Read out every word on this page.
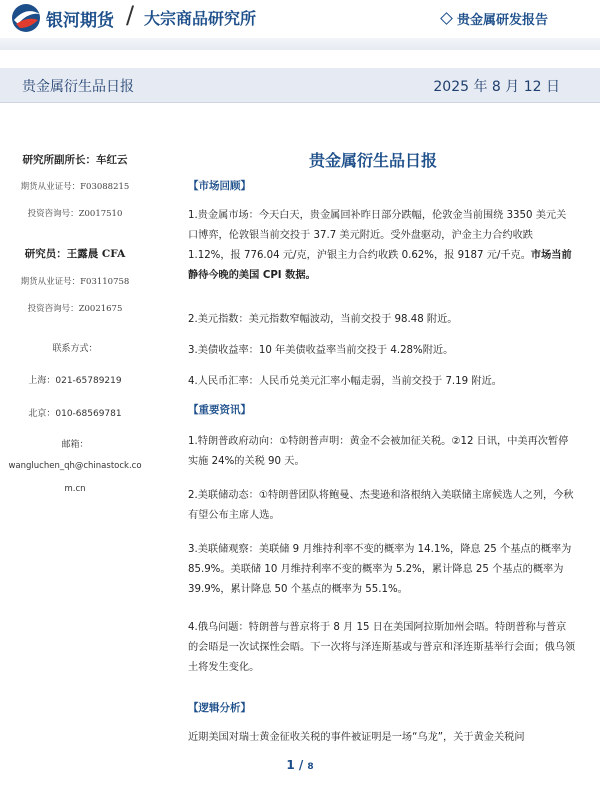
银河期货 / 大宗商品研究所	贵金属研发报告
贵金属衍生品日报	2025 年 8 月 12 日
研究所副所长：车红云
期货从业证号：F03088215
投资咨询号：Z0017510
研究员：王露晨 CFA
期货从业证号：F03110758
投资咨询号：Z0021675
联系方式：
上海：021-65789219
北京：010-68569781
邮箱：
wangluchen_qh@chinastock.co
m.cn
贵金属衍生品日报
【市场回顾】
1.贵金属市场：今天白天，贵金属回补昨日部分跌幅，伦敦金当前围绕 3350 美元关口博弈，伦敦银当前交投于 37.7 美元附近。受外盘驱动，沪金主力合约收跌 1.12%，报 776.04 元/克，沪银主力合约收跌 0.62%，报 9187 元/千克。市场当前静待今晚的美国 CPI 数据。
2.美元指数：美元指数窄幅波动，当前交投于 98.48 附近。
3.美债收益率：10 年美债收益率当前交投于 4.28%附近。
4.人民币汇率：人民币兑美元汇率小幅走弱，当前交投于 7.19 附近。
【重要资讯】
1.特朗普政府动向：①特朗普声明：黄金不会被加征关税。②12 日讯，中美再次暂停实施 24%的关税 90 天。
2.美联储动态：①特朗普团队将鲍曼、杰斐逊和洛根纳入美联储主席候选人之列，今秋有望公布主席人选。
3.美联储观察：美联储 9 月维持利率不变的概率为 14.1%，降息 25 个基点的概率为 85.9%。美联储 10 月维持利率不变的概率为 5.2%，累计降息 25 个基点的概率为 39.9%，累计降息 50 个基点的概率为 55.1%。
4.俄乌问题：特朗普与普京将于 8 月 15 日在美国阿拉斯加州会晤。特朗普称与普京的会晤是一次试探性会晤。下一次将与泽连斯基或与普京和泽连斯基举行会面；俄乌领土将发生变化。
【逻辑分析】
近期美国对瑞士黄金征收关税的事件被证明是一场“乌龙”，关于黄金关税问
1 / 8
